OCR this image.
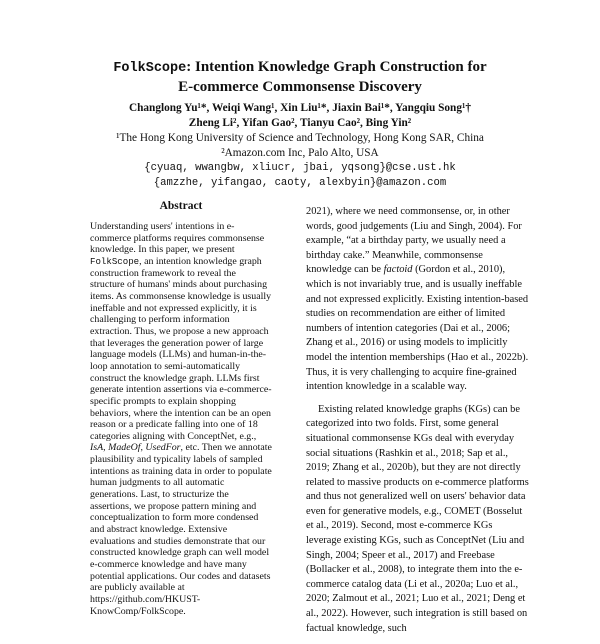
FolkScope: Intention Knowledge Graph Construction for
E-commerce Commonsense Discovery
Changlong Yu¹*, Weiqi Wang¹, Xin Liu¹*, Jiaxin Bai¹*, Yangqiu Song¹†
Zheng Li², Yifan Gao², Tianyu Cao², Bing Yin²
¹The Hong Kong University of Science and Technology, Hong Kong SAR, China
²Amazon.com Inc, Palo Alto, USA
{cyuaq, wwangbw, xliucr, jbai, yqsong}@cse.ust.hk
{amzzhe, yifangao, caoty, alexbyin}@amazon.com
Abstract
Understanding users' intentions in e-commerce platforms requires commonsense knowledge. In this paper, we present FolkScope, an intention knowledge graph construction framework to reveal the structure of humans' minds about purchasing items. As commonsense knowledge is usually ineffable and not expressed explicitly, it is challenging to perform information extraction. Thus, we propose a new approach that leverages the generation power of large language models (LLMs) and human-in-the-loop annotation to semi-automatically construct the knowledge graph. LLMs first generate intention assertions via e-commerce-specific prompts to explain shopping behaviors, where the intention can be an open reason or a predicate falling into one of 18 categories aligning with ConceptNet, e.g., IsA, MadeOf, UsedFor, etc. Then we annotate plausibility and typicality labels of sampled intentions as training data in order to populate human judgments to all automatic generations. Last, to structurize the assertions, we propose pattern mining and conceptualization to form more condensed and abstract knowledge. Extensive evaluations and studies demonstrate that our constructed knowledge graph can well model e-commerce knowledge and have many potential applications. Our codes and datasets are publicly available at https://github.com/HKUST-KnowComp/FolkScope.

2021), where we need commonsense, or, in other words, good judgements (Liu and Singh, 2004). For example, “at a birthday party, we usually need a birthday cake.” Meanwhile, commonsense knowledge can be factoid (Gordon et al., 2010), which is not invariably true, and is usually ineffable and not expressed explicitly. Existing intention-based studies on recommendation are either of limited numbers of intention categories (Dai et al., 2006; Zhang et al., 2016) or using models to implicitly model the intention memberships (Hao et al., 2022b). Thus, it is very challenging to acquire fine-grained intention knowledge in a scalable way.

Existing related knowledge graphs (KGs) can be categorized into two folds. First, some general situational commonsense KGs deal with everyday social situations (Rashkin et al., 2018; Sap et al., 2019; Zhang et al., 2020b), but they are not directly related to massive products on e-commerce platforms and thus not generalized well on users' behavior data even for generative models, e.g., COMET (Bosselut et al., 2019). Second, most e-commerce KGs leverage existing KGs, such as ConceptNet (Liu and Singh, 2004; Speer et al., 2017) and Freebase (Bollacker et al., 2008), to integrate them into the e-commerce catalog data (Li et al., 2020a; Luo et al., 2020; Zalmout et al., 2021; Luo et al., 2021; Deng et al., 2022). However, such integration is still based on factual knowledge, such
